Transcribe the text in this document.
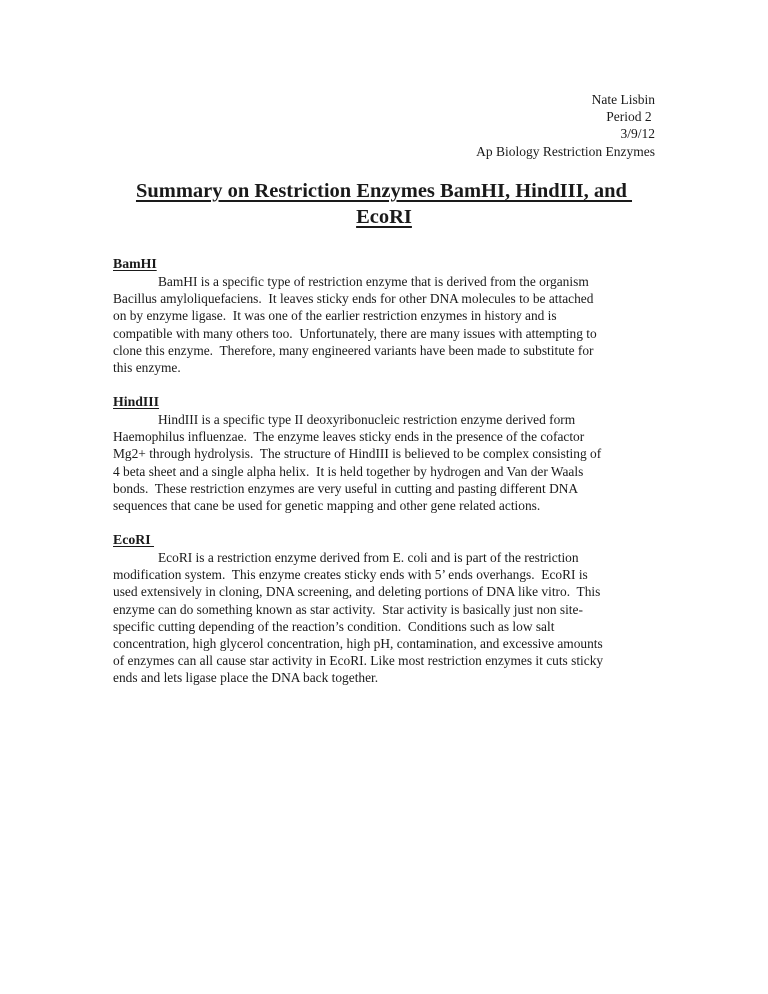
Nate Lisbin
Period 2
3/9/12
Ap Biology Restriction Enzymes
Summary on Restriction Enzymes BamHI, HindIII, and
EcoRI
BamHI
BamHI is a specific type of restriction enzyme that is derived from the organism
Bacillus amyloliquefaciens.  It leaves sticky ends for other DNA molecules to be attached
on by enzyme ligase.  It was one of the earlier restriction enzymes in history and is
compatible with many others too.  Unfortunately, there are many issues with attempting to
clone this enzyme.  Therefore, many engineered variants have been made to substitute for
this enzyme.
HindIII
HindIII is a specific type II deoxyribonucleic restriction enzyme derived form
Haemophilus influenzae.  The enzyme leaves sticky ends in the presence of the cofactor
Mg2+ through hydrolysis.  The structure of HindIII is believed to be complex consisting of
4 beta sheet and a single alpha helix.  It is held together by hydrogen and Van der Waals
bonds.  These restriction enzymes are very useful in cutting and pasting different DNA
sequences that cane be used for genetic mapping and other gene related actions.
EcoRI
EcoRI is a restriction enzyme derived from E. coli and is part of the restriction
modification system.  This enzyme creates sticky ends with 5’ ends overhangs.  EcoRI is
used extensively in cloning, DNA screening, and deleting portions of DNA like vitro.  This
enzyme can do something known as star activity.  Star activity is basically just non site-
specific cutting depending of the reaction’s condition.  Conditions such as low salt
concentration, high glycerol concentration, high pH, contamination, and excessive amounts
of enzymes can all cause star activity in EcoRI. Like most restriction enzymes it cuts sticky
ends and lets ligase place the DNA back together.
